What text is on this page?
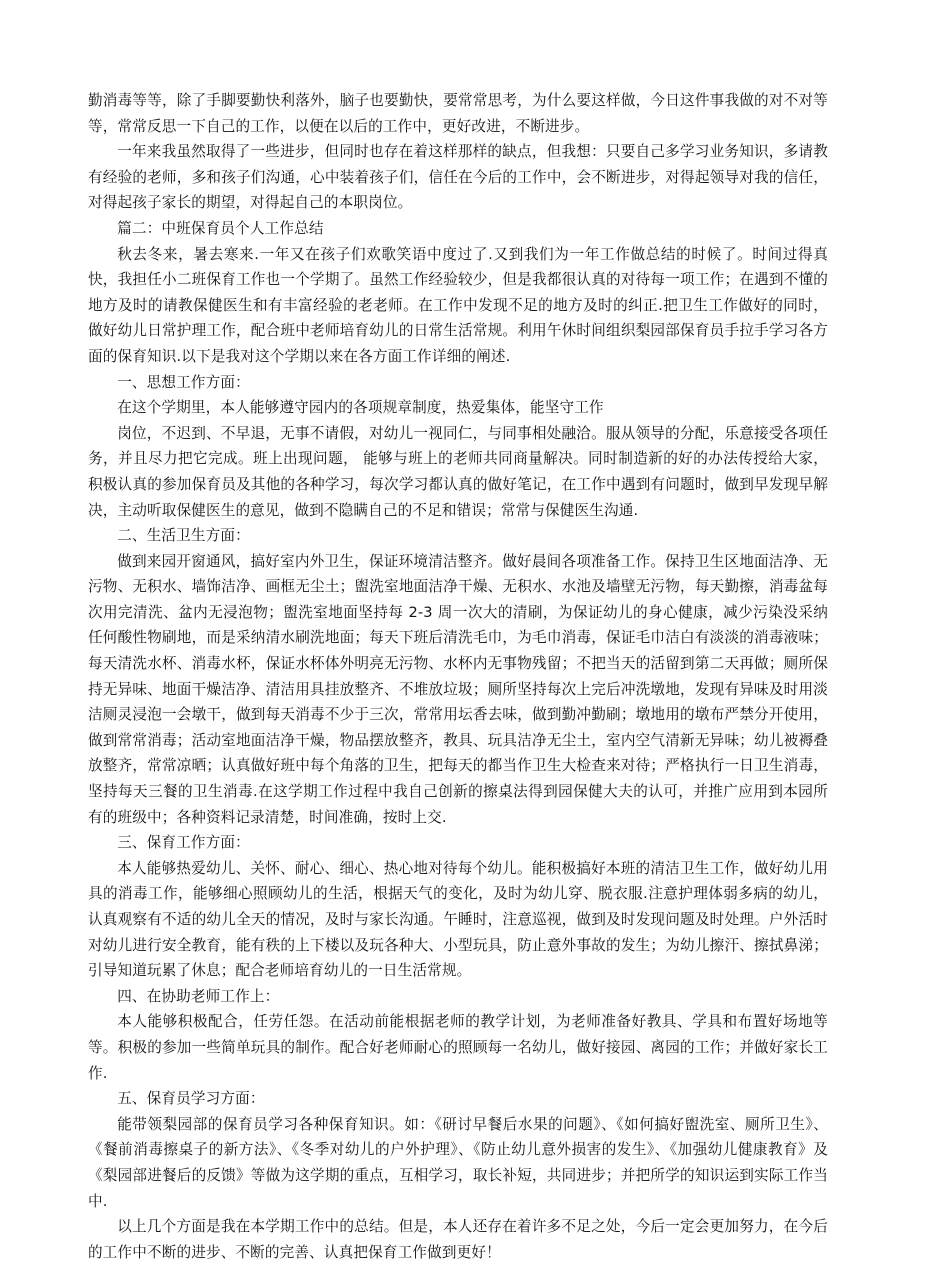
勤消毒等等，除了手脚要勤快利落外，脑子也要勤快，要常常思考，为什么要这样做，今日这件事我做的对不对等等，常常反思一下自己的工作，以便在以后的工作中，更好改进，不断进步。

一年来我虽然取得了一些进步，但同时也存在着这样那样的缺点，但我想：只要自己多学习业务知识，多请教有经验的老师，多和孩子们沟通，心中装着孩子们，信任在今后的工作中，会不断进步，对得起领导对我的信任，对得起孩子家长的期望，对得起自己的本职岗位。

篇二：中班保育员个人工作总结

秋去冬来，暑去寒来.一年又在孩子们欢歌笑语中度过了.又到我们为一年工作做总结的时候了。时间过得真快，我担任小二班保育工作也一个学期了。虽然工作经验较少，但是我都很认真的对待每一项工作；在遇到不懂的地方及时的请教保健医生和有丰富经验的老老师。在工作中发现不足的地方及时的纠正.把卫生工作做好的同时，做好幼儿日常护理工作，配合班中老师培育幼儿的日常生活常规。利用午休时间组织梨园部保育员手拉手学习各方面的保育知识.以下是我对这个学期以来在各方面工作详细的阐述.

一、思想工作方面：

在这个学期里，本人能够遵守园内的各项规章制度，热爱集体，能坚守工作

岗位，不迟到、不早退，无事不请假，对幼儿一视同仁，与同事相处融洽。服从领导的分配，乐意接受各项任务，并且尽力把它完成。班上出现问题， 能够与班上的老师共同商量解决。同时制造新的好的办法传授给大家，积极认真的参加保育员及其他的各种学习，每次学习都认真的做好笔记，在工作中遇到有问题时，做到早发现早解决，主动听取保健医生的意见，做到不隐瞒自己的不足和错误；常常与保健医生沟通.

二、生活卫生方面：

做到来园开窗通风，搞好室内外卫生，保证环境清洁整齐。做好晨间各项准备工作。保持卫生区地面洁净、无污物、无积水、墙饰洁净、画框无尘土；盥洗室地面洁净干燥、无积水、水池及墙壁无污物，每天勤擦，消毒盆每次用完清洗、盆内无浸泡物；盥洗室地面坚持每 2-3 周一次大的清刷，为保证幼儿的身心健康，减少污染没采纳任何酸性物刷地，而是采纳清水刷洗地面；每天下班后清洗毛巾，为毛巾消毒，保证毛巾洁白有淡淡的消毒液味；每天清洗水杯、消毒水杯，保证水杯体外明亮无污物、水杯内无事物残留；不把当天的活留到第二天再做；厕所保持无异味、地面干燥洁净、清洁用具挂放整齐、不堆放垃圾；厕所坚持每次上完后冲洗墩地，发现有异味及时用淡洁厕灵浸泡一会墩干，做到每天消毒不少于三次，常常用坛香去味，做到勤冲勤刷；墩地用的墩布严禁分开使用，做到常常消毒；活动室地面洁净干燥，物品摆放整齐，教具、玩具洁净无尘土，室内空气清新无异味；幼儿被褥叠放整齐，常常凉晒；认真做好班中每个角落的卫生，把每天的都当作卫生大检查来对待；严格执行一日卫生消毒，坚持每天三餐的卫生消毒.在这学期工作过程中我自己创新的擦桌法得到园保健大夫的认可，并推广应用到本园所有的班级中；各种资料记录清楚，时间准确，按时上交.

三、保育工作方面：

本人能够热爱幼儿、关怀、耐心、细心、热心地对待每个幼儿。能积极搞好本班的清洁卫生工作，做好幼儿用具的消毒工作，能够细心照顾幼儿的生活，根据天气的变化，及时为幼儿穿、脱衣服.注意护理体弱多病的幼儿，认真观察有不适的幼儿全天的情况，及时与家长沟通。午睡时，注意巡视，做到及时发现问题及时处理。户外活时对幼儿进行安全教育，能有秩的上下楼以及玩各种大、小型玩具，防止意外事故的发生；为幼儿擦汗、擦拭鼻涕；引导知道玩累了休息；配合老师培育幼儿的一日生活常规。

四、在协助老师工作上：

本人能够积极配合，任劳任怨。在活动前能根据老师的教学计划，为老师准备好教具、学具和布置好场地等等。积极的参加一些简单玩具的制作。配合好老师耐心的照顾每一名幼儿，做好接园、离园的工作；并做好家长工作.

五、保育员学习方面：

能带领梨园部的保育员学习各种保育知识。如：《研讨早餐后水果的问题》、《如何搞好盥洗室、厕所卫生》、《餐前消毒擦桌子的新方法》、《冬季对幼儿的户外护理》、《防止幼儿意外损害的发生》、《加强幼儿健康教育》及《梨园部进餐后的反馈》等做为这学期的重点，互相学习，取长补短，共同进步；并把所学的知识运到实际工作当中.

以上几个方面是我在本学期工作中的总结。但是，本人还存在着许多不足之处，今后一定会更加努力，在今后的工作中不断的进步、不断的完善、认真把保育工作做到更好！
